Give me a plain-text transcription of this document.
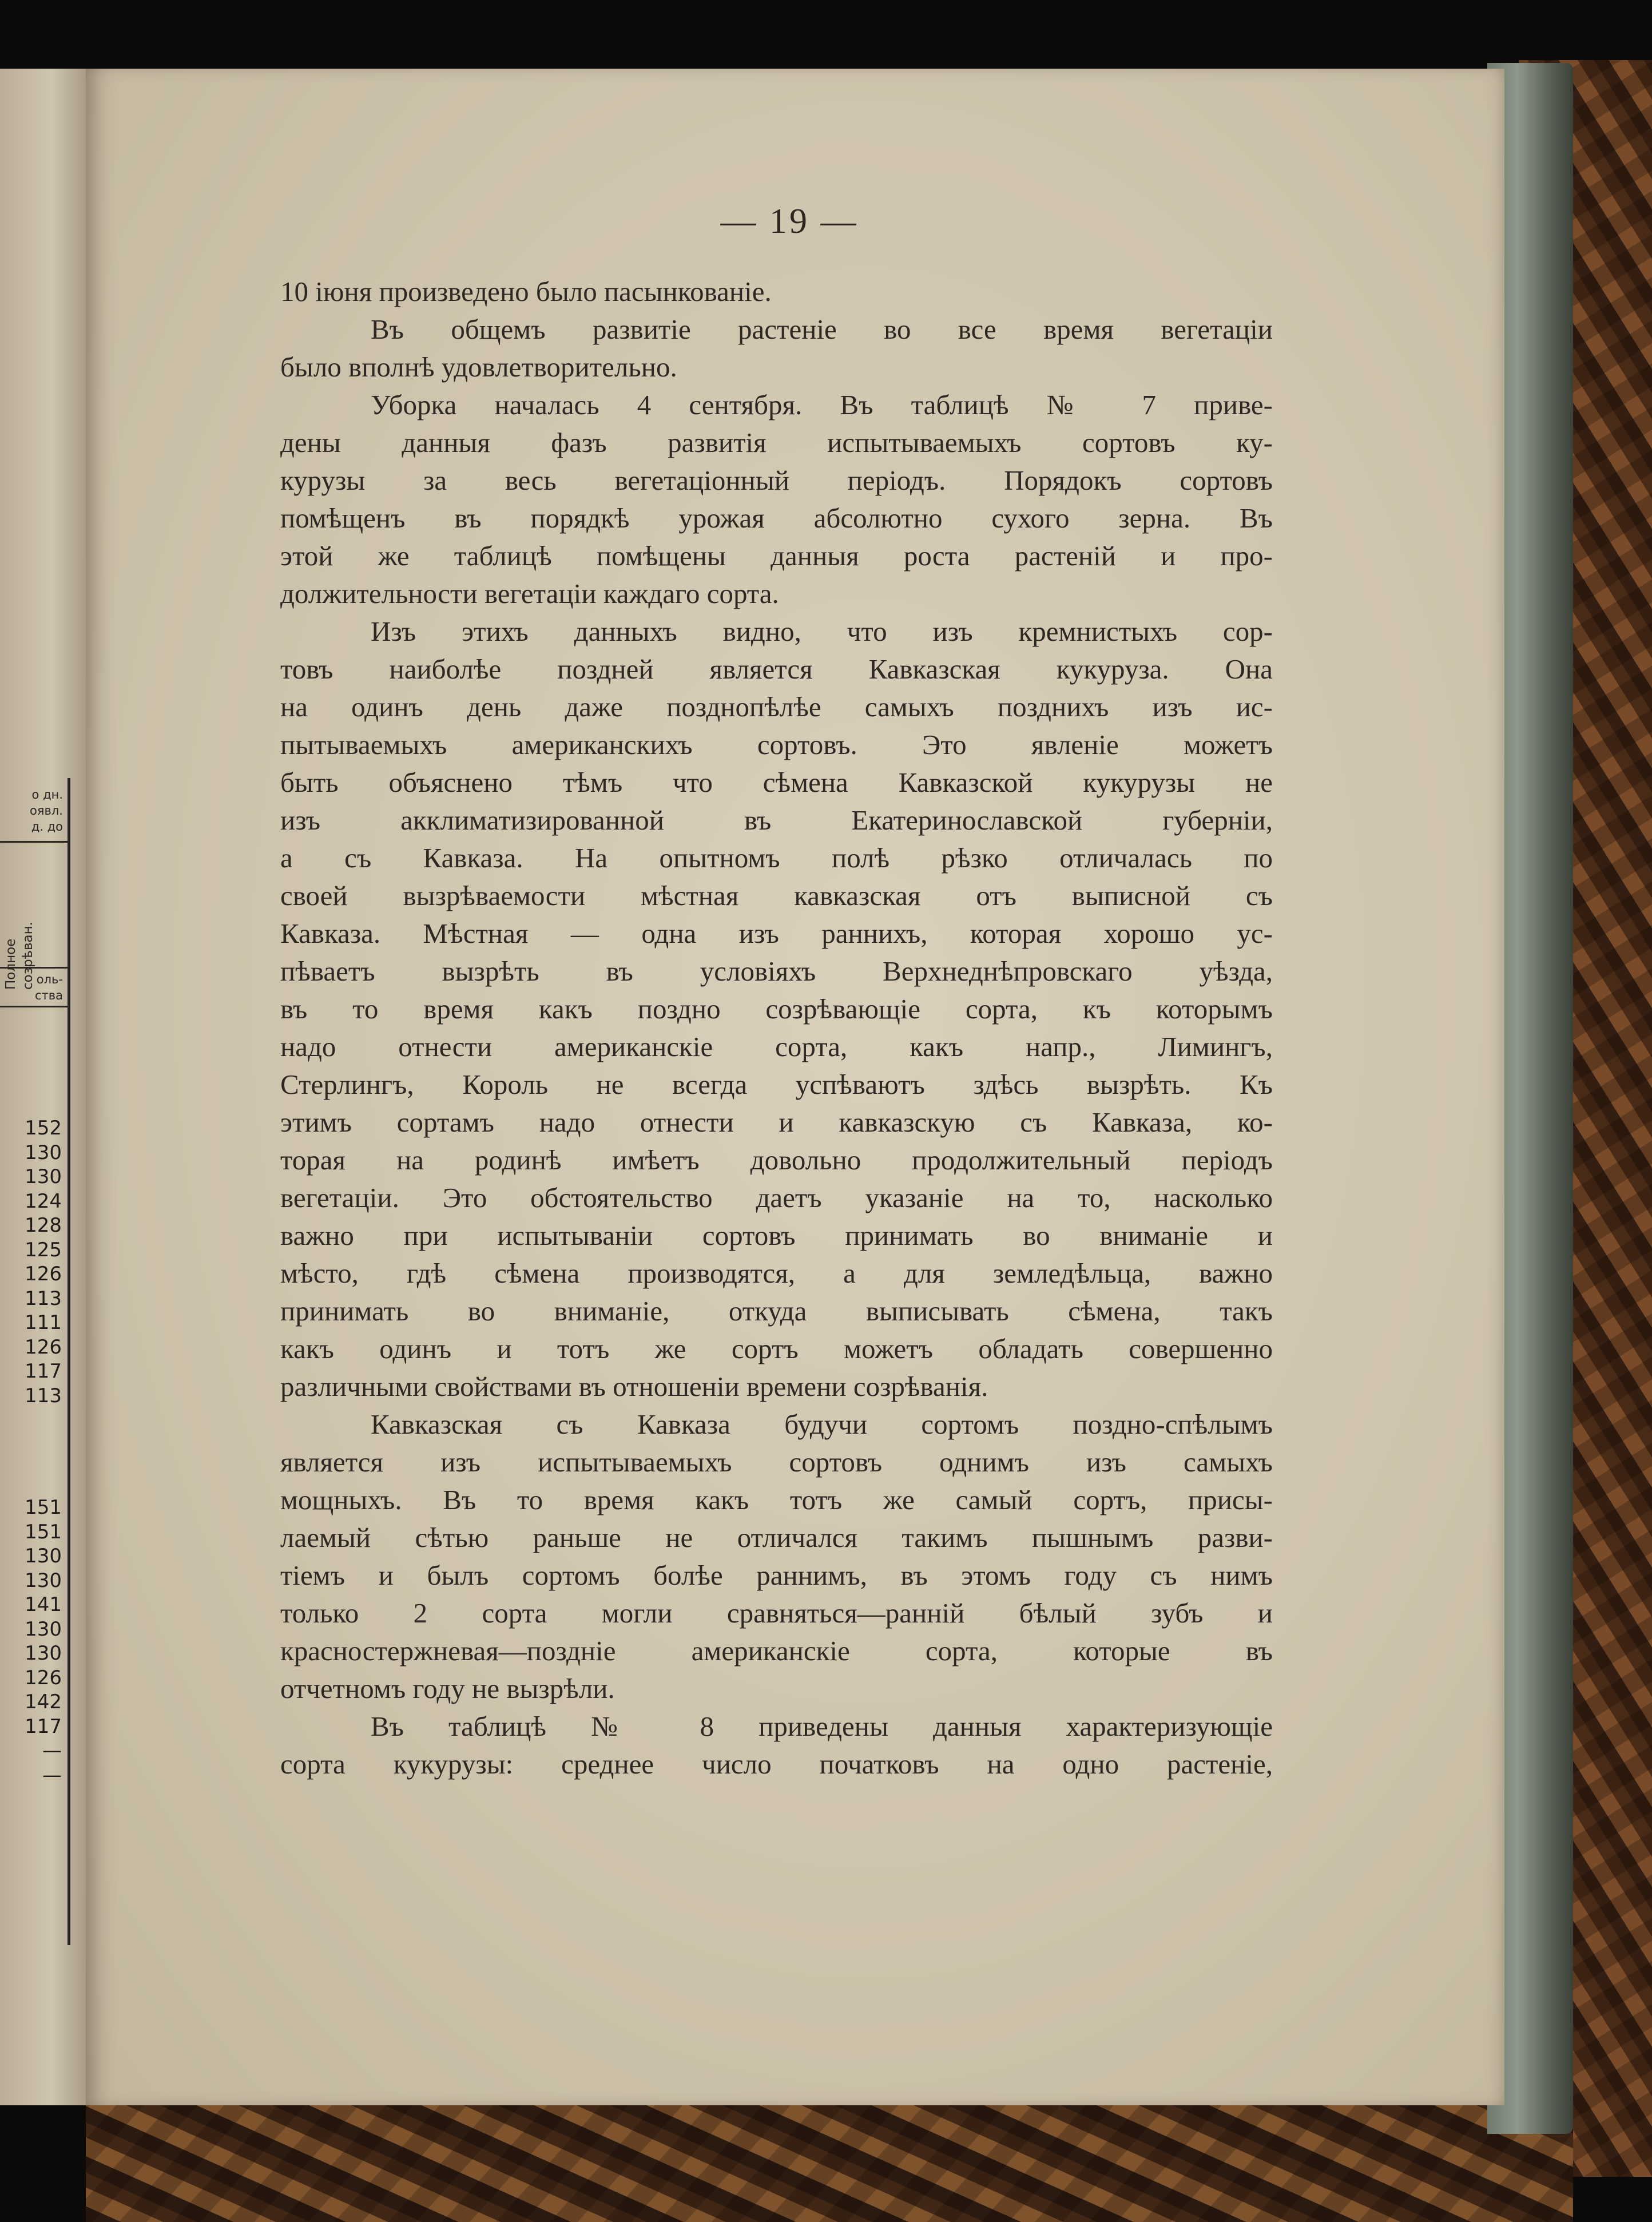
о дн.
оявл.
д. до
оль-
ства
152
130
130
124
128
125
126
113
111
126
117
113
151
151
130
130
141
130
130
126
142
117
—
—
Полное созрѣван.
— 19 —
10 іюня произведено было пасынкованіе.
Въ общемъ развитіе растеніе во все время вегетаціи
было вполнѣ удовлетворительно.
Уборка началась 4 сентября. Въ таблицѣ № 7 приве-
дены данныя фазъ развитія испытываемыхъ сортовъ ку-
курузы за весь вегетаціонный періодъ. Порядокъ сортовъ
помѣщенъ въ порядкѣ урожая абсолютно сухого зерна. Въ
этой же таблицѣ помѣщены данныя роста растеній и про-
должительности вегетаціи каждаго сорта.
Изъ этихъ данныхъ видно, что изъ кремнистыхъ сор-
товъ наиболѣе поздней является Кавказская кукуруза. Она
на одинъ день даже позднопѣлѣе самыхъ позднихъ изъ ис-
пытываемыхъ американскихъ сортовъ. Это явленіе можетъ
быть объяснено тѣмъ что сѣмена Кавказской кукурузы не
изъ акклиматизированной въ Екатеринославской губерніи,
а съ Кавказа. На опытномъ полѣ рѣзко отличалась по
своей вызрѣваемости мѣстная кавказская отъ выписной съ
Кавказа. Мѣстная — одна изъ раннихъ, которая хорошо ус-
пѣваетъ вызрѣть въ условіяхъ Верхнеднѣпровскаго уѣзда,
въ то время какъ поздно созрѣвающіе сорта, къ которымъ
надо отнести американскіе сорта, какъ напр., Лимингъ,
Стерлингъ, Король не всегда успѣваютъ здѣсь вызрѣть. Къ
этимъ сортамъ надо отнести и кавказскую съ Кавказа, ко-
торая на родинѣ имѣетъ довольно продолжительный періодъ
вегетаціи. Это обстоятельство даетъ указаніе на то, насколько
важно при испытываніи сортовъ принимать во вниманіе и
мѣсто, гдѣ сѣмена производятся, а для земледѣльца, важно
принимать во вниманіе, откуда выписывать сѣмена, такъ
какъ одинъ и тотъ же сортъ можетъ обладать совершенно
различными свойствами въ отношеніи времени созрѣванія.
Кавказская съ Кавказа будучи сортомъ поздно-спѣлымъ
является изъ испытываемыхъ сортовъ однимъ изъ самыхъ
мощныхъ. Въ то время какъ тотъ же самый сортъ, присы-
лаемый сѣтью раньше не отличался такимъ пышнымъ разви-
тіемъ и былъ сортомъ болѣе раннимъ, въ этомъ году съ нимъ
только 2 сорта могли сравняться—ранній бѣлый зубъ и
красностержневая—поздніе американскіе сорта, которые въ
отчетномъ году не вызрѣли.
Въ таблицѣ № 8 приведены данныя характеризующіе
сорта кукурузы: среднее число початковъ на одно растеніе,
